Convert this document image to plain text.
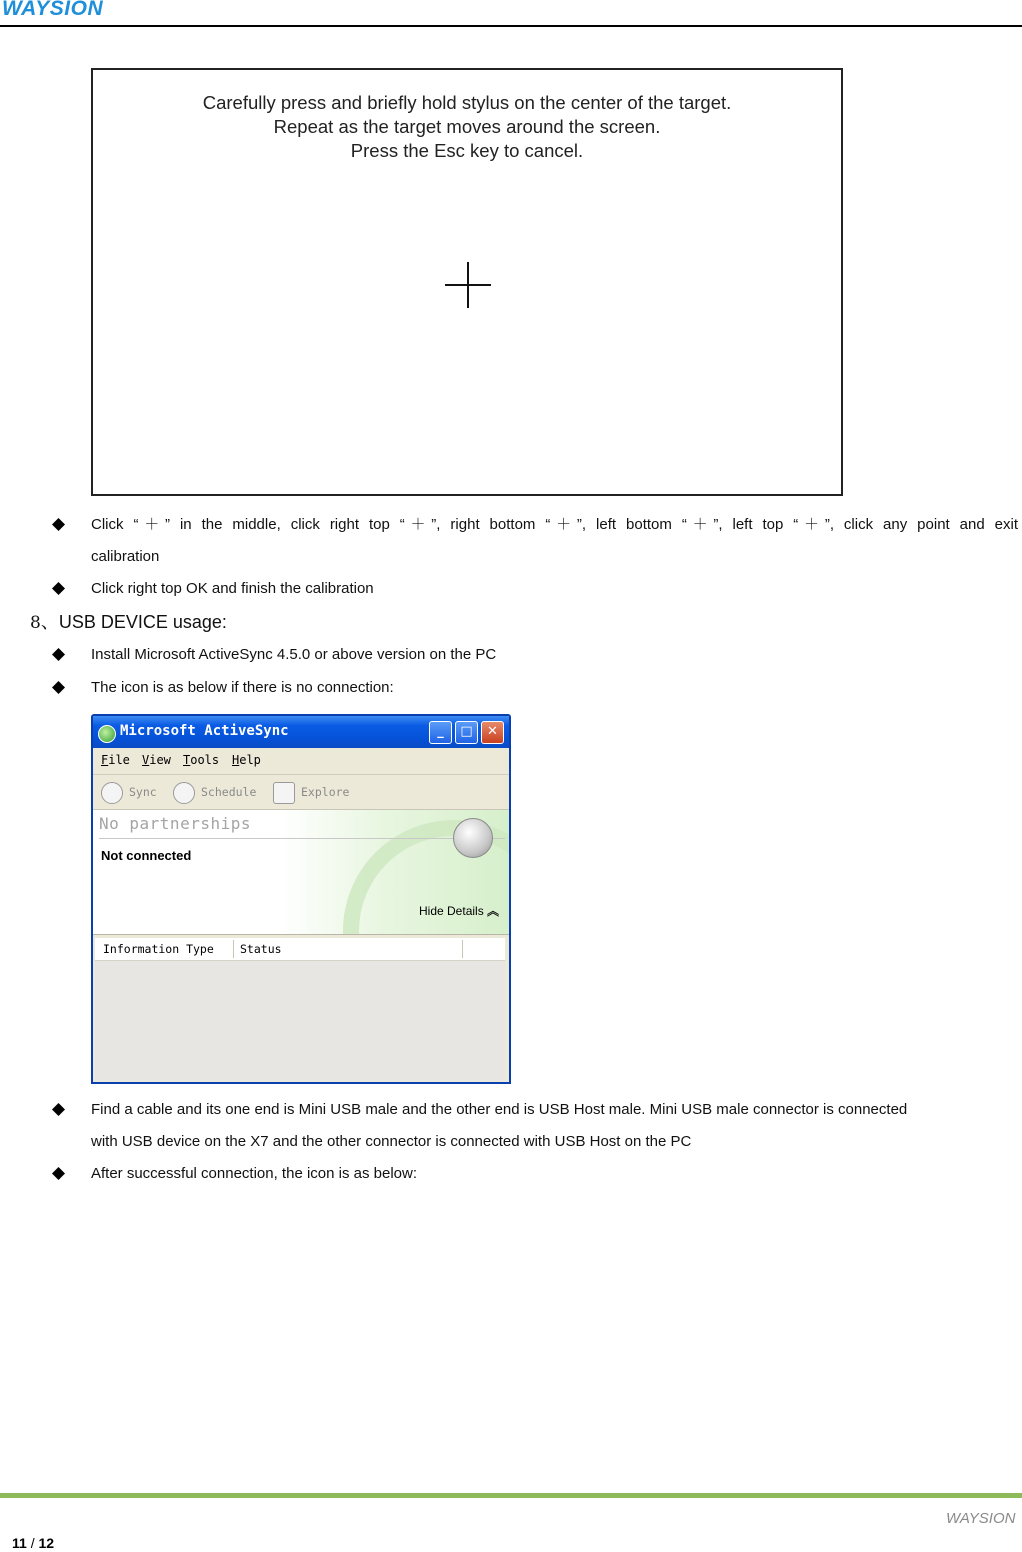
WAYSION
Carefully press and briefly hold stylus on the center of the target.
Repeat as the target moves around the screen.
Press the Esc key to cancel.
Click “＋” in the middle, click right top “＋”, right bottom “＋”, left bottom “＋”, left top “＋”, click any point and exit
calibration
Click right top OK and finish the calibration
8、USB DEVICE usage:
Install Microsoft ActiveSync 4.5.0 or above version on the PC
The icon is as below if there is no connection:
Microsoft ActiveSync	_	□	✕
File View Tools Help
Sync	Schedule	Explore
No partnerships
Not connected
Hide Details ︽
Information Type Status
Find a cable and its one end is Mini USB male and the other end is USB Host male. Mini USB male connector is connected
with USB device on the X7 and the other connector is connected with USB Host on the PC
After successful connection, the icon is as below:
WAYSION
11 / 12
